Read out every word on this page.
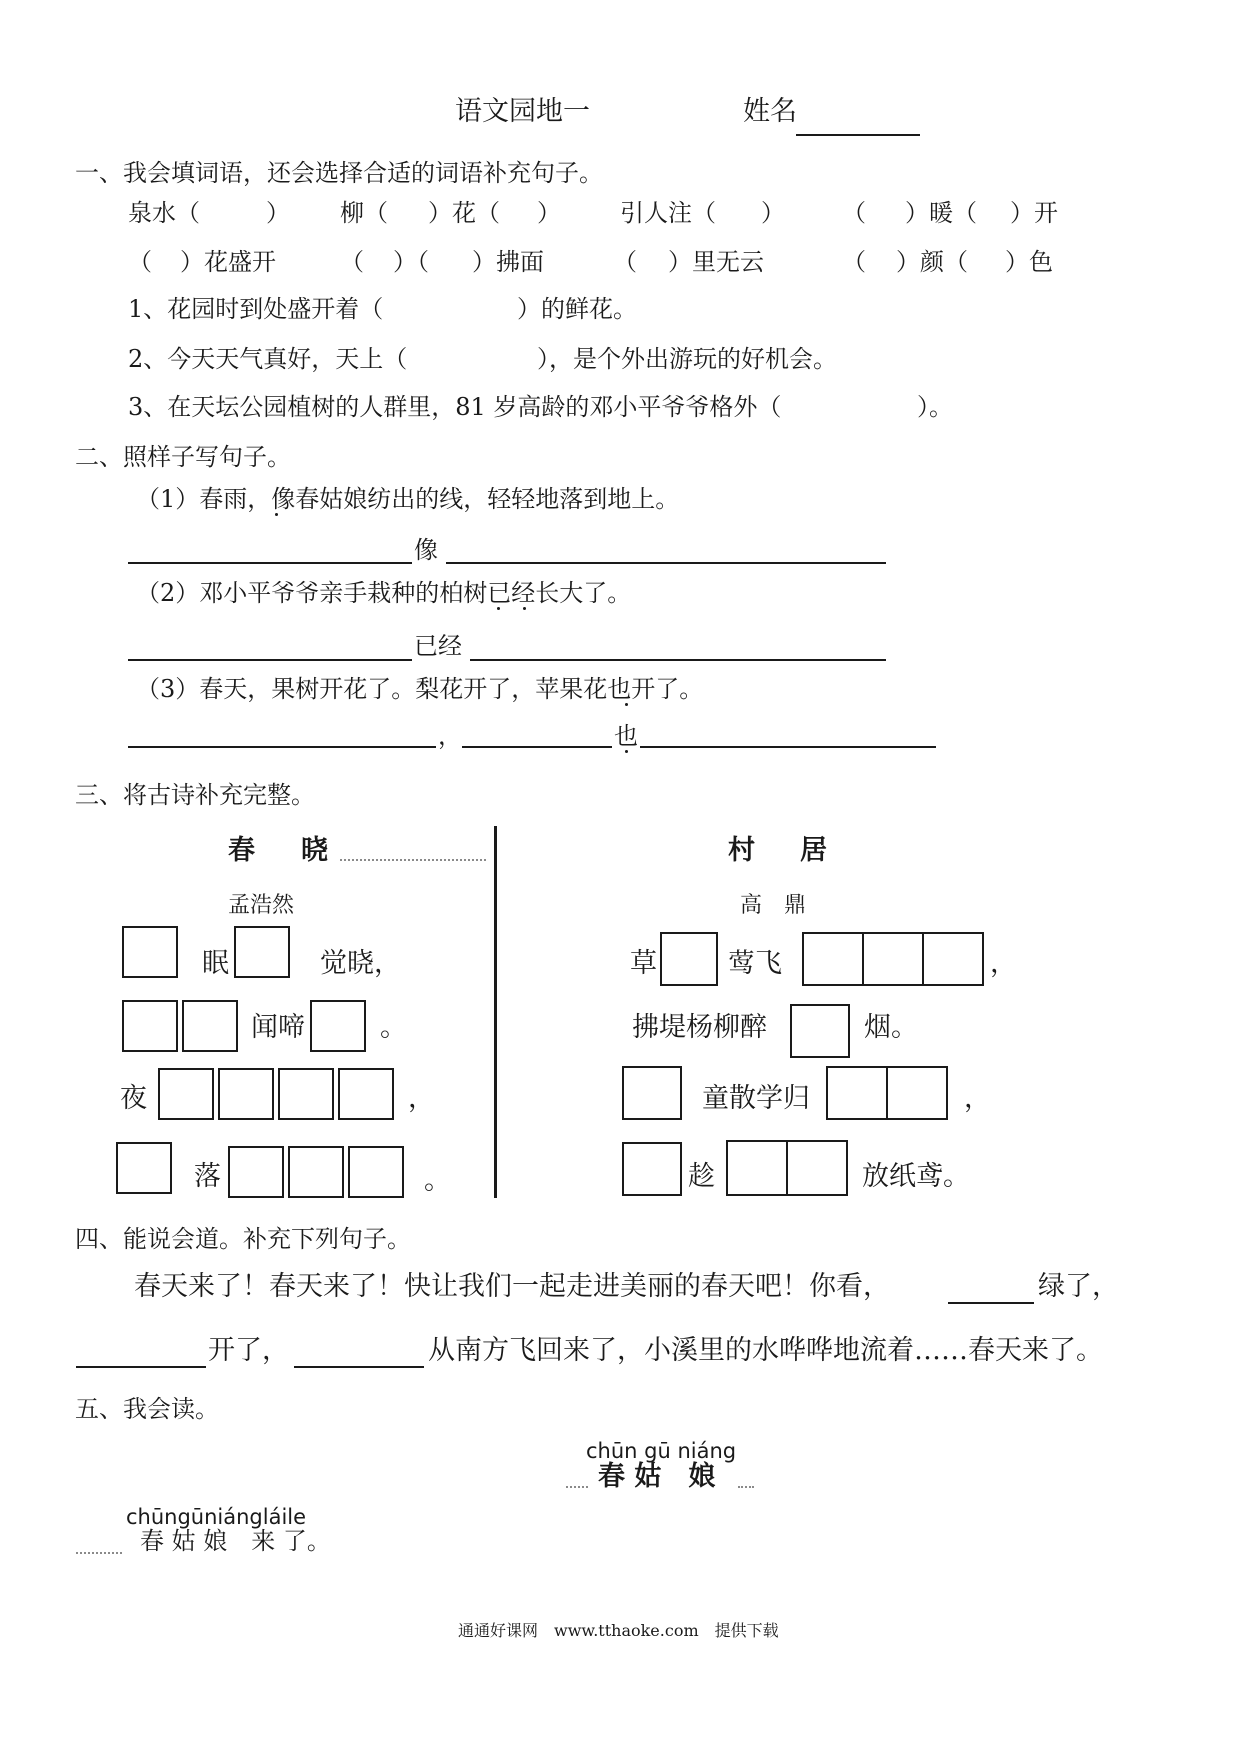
语文园地一	姓名
一、我会填词语，还会选择合适的词语补充句子。
泉水（	） 柳（ ）花（ ） 引人注（ ） （ ）暖（ ）开
（ ）花盛开	（ ）（ ）拂面	（ ）里无云	（ ）颜（ ）色
1、花园时到处盛开着（	）的鲜花。
2、今天天气真好，天上（	），是个外出游玩的好机会。
3、在天坛公园植树的人群里，81 岁高龄的邓小平爷爷格外（	）。
二、照样子写句子。
（1）春雨，像春姑娘纺出的线，轻轻地落到地上。
像
（2）邓小平爷爷亲手栽种的柏树已经长大了。
已经
（3）春天，果树开花了。梨花开了，苹果花也开了。
，	也
三、将古诗补充完整。
春 晓
孟浩然
眠	觉晓，
闻啼	。
夜	，
落	。
村 居
高　鼎
草	莺飞	，
拂堤杨柳醉	烟。
童散学归	，
趁	放纸鸢。
四、能说会道。补充下列句子。
春天来了！春天来了！快让我们一起走进美丽的春天吧！你看，	绿了，
开了，	从南方飞回来了，小溪里的水哗哗地流着……春天来了。
五、我会读。
chūn gū niáng
春 姑　娘
chūngūniángláile
春 姑 娘　来 了。
通通好课网　www.tthaoke.com　提供下载
